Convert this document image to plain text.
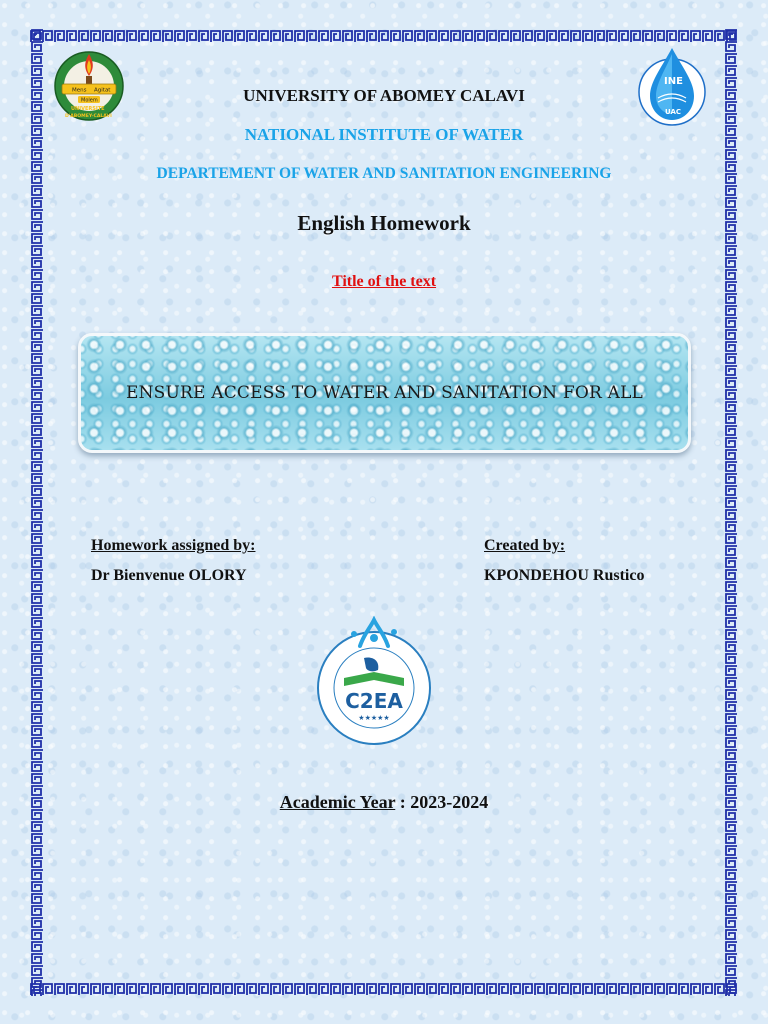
Mens Agitat
Molem
UNIVERSITE
D'ABOMEY-CALAVI
INE
UAC
UNIVERSITY OF ABOMEY CALAVI
NATIONAL INSTITUTE OF WATER
DEPARTEMENT OF WATER AND SANITATION ENGINEERING
English Homework
Title of the text
ENSURE ACCESS TO WATER AND SANITATION FOR ALL
Homework assigned by:
Dr Bienvenue OLORY
Created by:
KPONDEHOU Rustico
C2EA
★★★★★
Academic Year : 2023-2024
